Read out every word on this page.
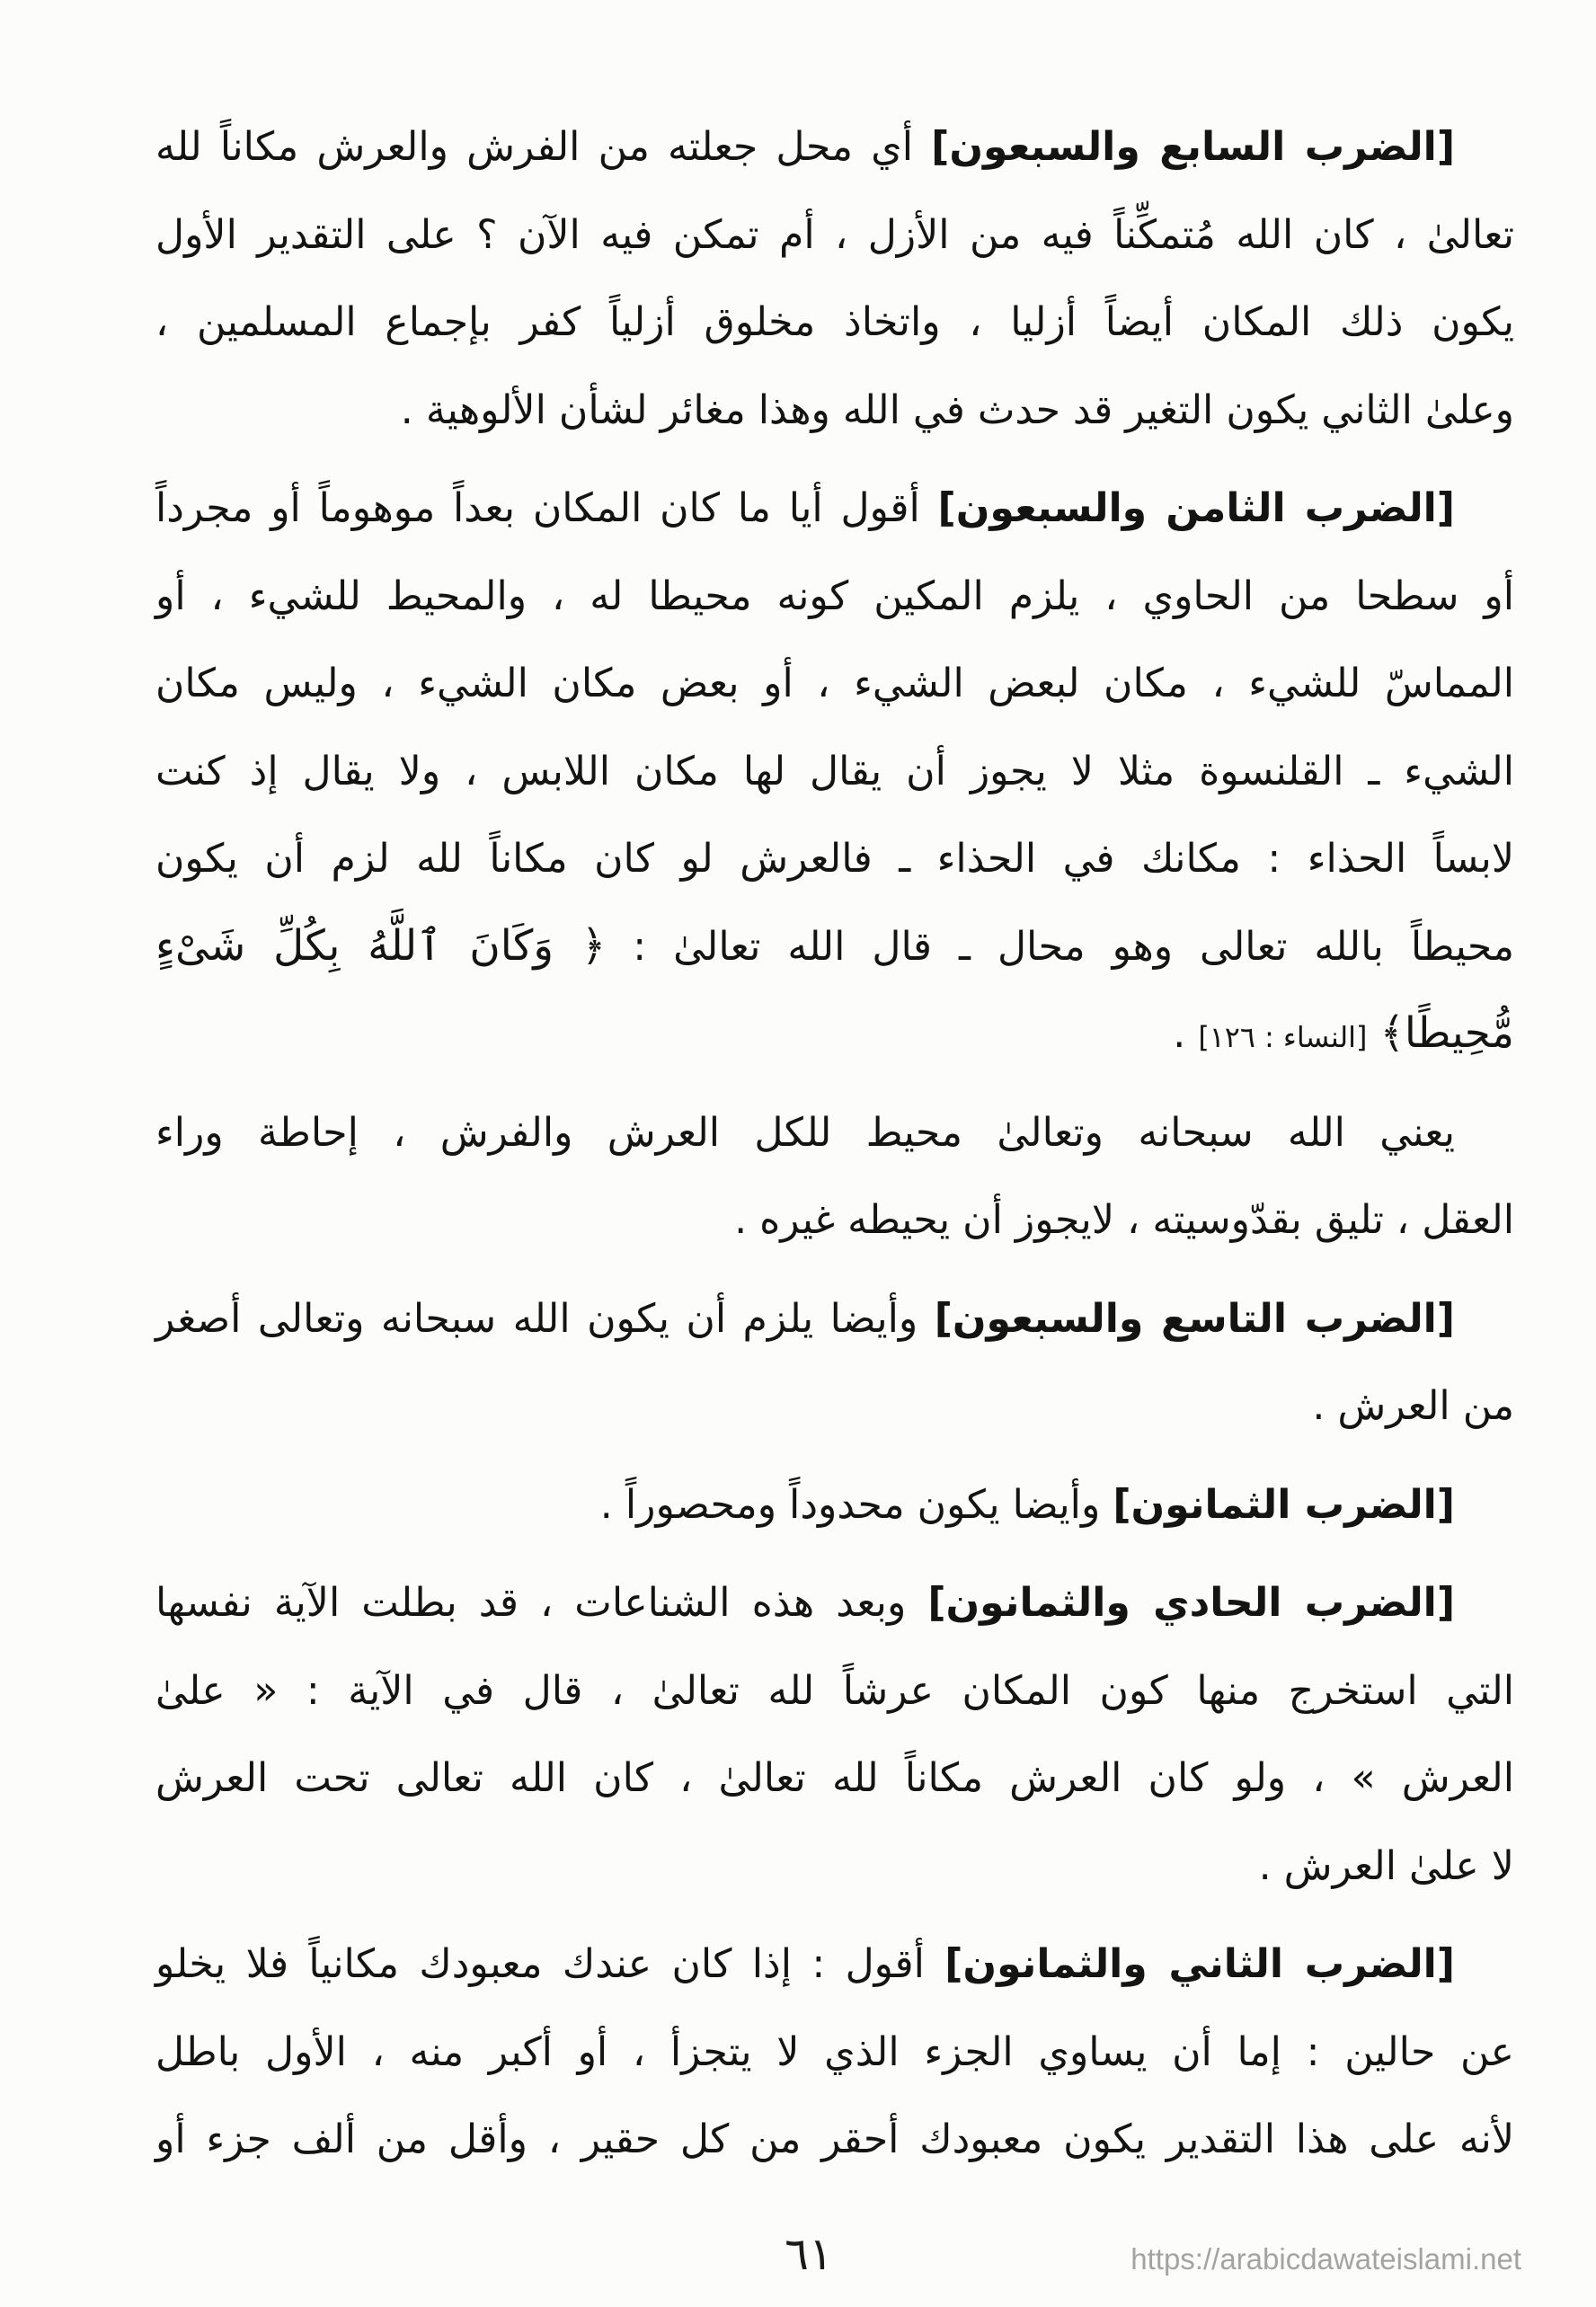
[الضرب السابع والسبعون] أي محل جعلته من الفرش والعرش مكاناً لله
تعالىٰ ، كان الله مُتمكِّناً فيه من الأزل ، أم تمكن فيه الآن ؟ على التقدير الأول
يكون ذلك المكان أيضاً أزليا ، واتخاذ مخلوق أزلياً كفر بإجماع المسلمين ،
وعلىٰ الثاني يكون التغير قد حدث في الله وهذا مغائر لشأن الألوهية .
[الضرب الثامن والسبعون] أقول أيا ما كان المكان بعداً موهوماً أو مجرداً
أو سطحا من الحاوي ، يلزم المكين كونه محيطا له ، والمحيط للشيء ، أو
المماسّ للشيء ، مكان لبعض الشيء ، أو بعض مكان الشيء ، وليس مكان
الشيء ـ القلنسوة مثلا لا يجوز أن يقال لها مكان اللابس ، ولا يقال إذ كنت
لابساً الحذاء : مكانك في الحذاء ـ فالعرش لو كان مكاناً لله لزم أن يكون
محيطاً بالله تعالى وهو محال ـ قال الله تعالىٰ : ﴿ وَكَانَ ٱللَّهُ بِكُلِّ شَىْءٍ
مُّحِيطًا﴾ [النساء : ١٢٦] .
يعني الله سبحانه وتعالىٰ محيط للكل العرش والفرش ، إحاطة وراء
العقل ، تليق بقدّوسيته ، لايجوز أن يحيطه غيره .
[الضرب التاسع والسبعون] وأيضا يلزم أن يكون الله سبحانه وتعالى أصغر
من العرش .
[الضرب الثمانون] وأيضا يكون محدوداً ومحصوراً .
[الضرب الحادي والثمانون] وبعد هذه الشناعات ، قد بطلت الآية نفسها
التي استخرج منها كون المكان عرشاً لله تعالىٰ ، قال في الآية : « علىٰ
العرش » ، ولو كان العرش مكاناً لله تعالىٰ ، كان الله تعالى تحت العرش
لا علىٰ العرش .
[الضرب الثاني والثمانون] أقول : إذا كان عندك معبودك مكانياً فلا يخلو
عن حالين : إما أن يساوي الجزء الذي لا يتجزأ ، أو أكبر منه ، الأول باطل
لأنه على هذا التقدير يكون معبودك أحقر من كل حقير ، وأقل من ألف جزء أو
٦١	https://arabicdawateislami.net
